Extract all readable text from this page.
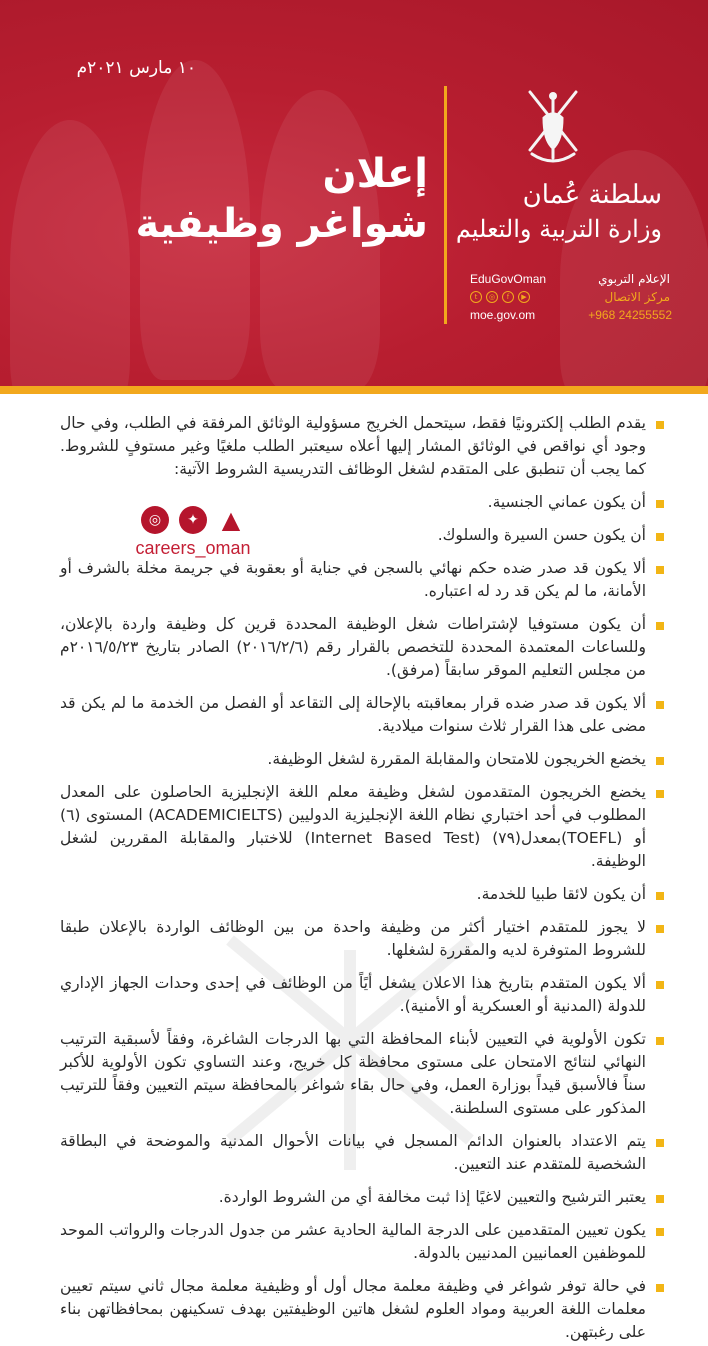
١٠ مارس ٢٠٢١م
إعلان
شواغر وظيفية
سلطنة عُمان
وزارة التربية والتعليم
EduGovOman	الإعلام التربوي
t	◎	f	▶	مركز الاتصال
moe.gov.om	+968 24255552
◎	✦ ▲
careers_oman
يقدم الطلب إلكترونيًا فقط، سيتحمل الخريج مسؤولية الوثائق المرفقة في الطلب، وفي حال وجود أي نواقص في الوثائق المشار إليها أعلاه سيعتبر الطلب ملغيًا وغير مستوفٍ للشروط. كما يجب أن تنطبق على المتقدم لشغل الوظائف التدريسية الشروط الآتية:
أن يكون عماني الجنسية.
أن يكون حسن السيرة والسلوك.
ألا يكون قد صدر ضده حكم نهائي بالسجن في جناية أو بعقوبة في جريمة مخلة بالشرف أو الأمانة، ما لم يكن قد رد له اعتباره.
أن يكون مستوفيا لإشتراطات شغل الوظيفة المحددة قرين كل وظيفة واردة بالإعلان، وللساعات المعتمدة المحددة للتخصص بالقرار رقم (٢٠١٦/٢/٦) الصادر بتاريخ ٢٠١٦/٥/٢٣م من مجلس التعليم الموقر سابقاً (مرفق).
ألا يكون قد صدر ضده قرار بمعاقبته بالإحالة إلى التقاعد أو الفصل من الخدمة ما لم يكن قد مضى على هذا القرار ثلاث سنوات ميلادية.
يخضع الخريجون للامتحان والمقابلة المقررة لشغل الوظيفة.
يخضع الخريجون المتقدمون لشغل وظيفة معلم اللغة الإنجليزية الحاصلون على المعدل المطلوب في أحد اختباري نظام اللغة الإنجليزية الدوليين (ACADEMICIELTS) المستوى (٦) أو (TOEFL)بمعدل(٧٩) (Internet Based Test) للاختبار والمقابلة المقررين لشغل الوظيفة.
أن يكون لائقا طبيا للخدمة.
لا يجوز للمتقدم اختيار أكثر من وظيفة واحدة من بين الوظائف الواردة بالإعلان طبقا للشروط المتوفرة لديه والمقررة لشغلها.
ألا يكون المتقدم بتاريخ هذا الاعلان يشغل أيًاً من الوظائف في إحدى وحدات الجهاز الإداري للدولة (المدنية أو العسكرية أو الأمنية).
تكون الأولوية في التعيين لأبناء المحافظة التي بها الدرجات الشاغرة، وفقاً لأسبقية الترتيب النهائي لنتائج الامتحان على مستوى محافظة كل خريج، وعند التساوي تكون الأولوية للأكبر سناً فالأسبق قيداً بوزارة العمل، وفي حال بقاء شواغر بالمحافظة سيتم التعيين وفقاً للترتيب المذكور على مستوى السلطنة.
يتم الاعتداد بالعنوان الدائم المسجل في بيانات الأحوال المدنية والموضحة في البطاقة الشخصية للمتقدم عند التعيين.
يعتبر الترشيح والتعيين لاغيًا إذا ثبت مخالفة أي من الشروط الواردة.
يكون تعيين المتقدمين على الدرجة المالية الحادية عشر من جدول الدرجات والرواتب الموحد للموظفين العمانيين المدنيين بالدولة.
في حالة توفر شواغر في وظيفة معلمة مجال أول أو وظيفية معلمة مجال ثاني سيتم تعيين معلمات اللغة العربية ومواد العلوم لشغل هاتين الوظيفتين بهدف تسكينهن بمحافظاتهن بناء على رغبتهن.
